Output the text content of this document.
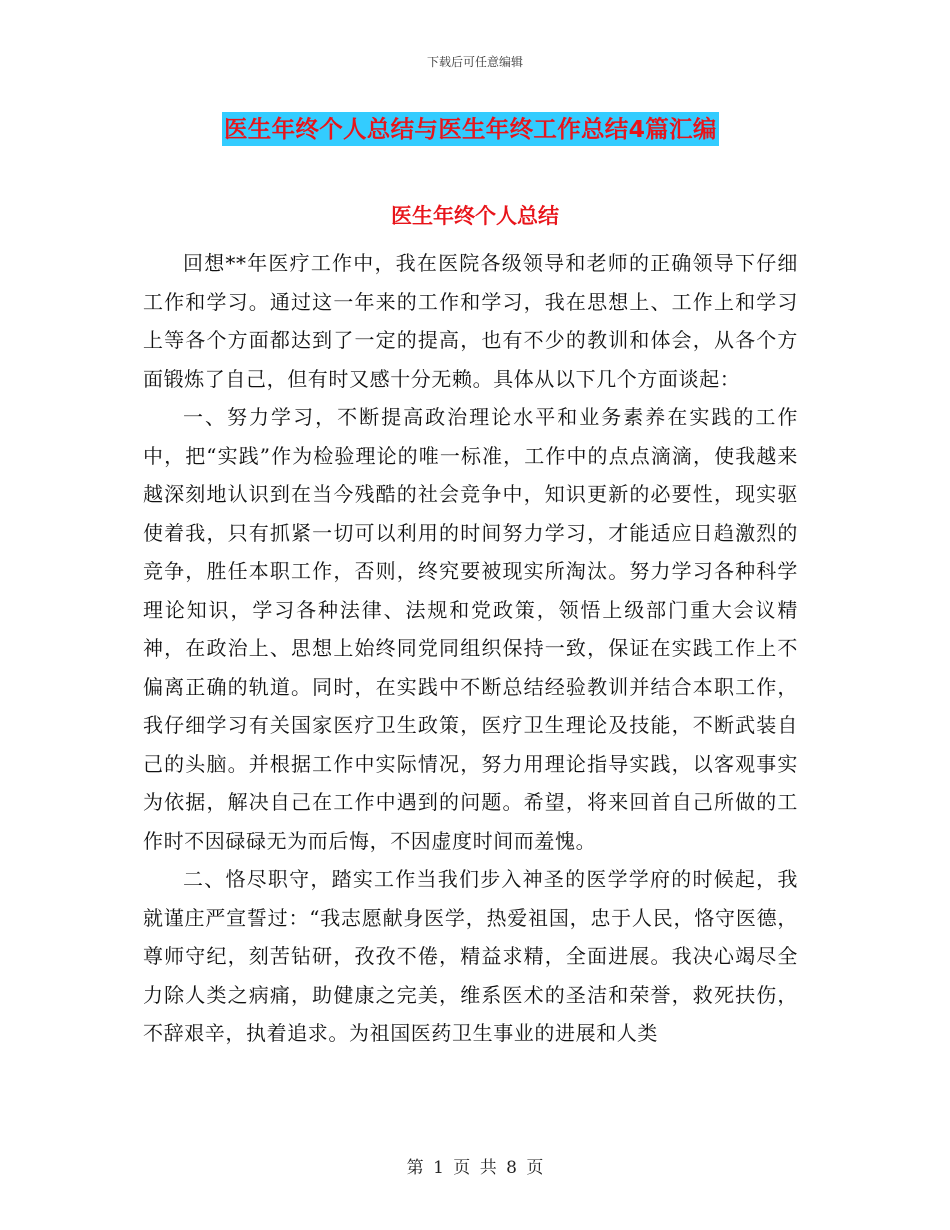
下载后可任意编辑
医生年终个人总结与医生年终工作总结4篇汇编
医生年终个人总结

回想**年医疗工作中，我在医院各级领导和老师的正确领导下仔细工作和学习。通过这一年来的工作和学习，我在思想上、工作上和学习上等各个方面都达到了一定的提高，也有不少的教训和体会，从各个方面锻炼了自己，但有时又感十分无赖。具体从以下几个方面谈起：

一、努力学习，不断提高政治理论水平和业务素养在实践的工作中，把“实践”作为检验理论的唯一标准，工作中的点点滴滴，使我越来越深刻地认识到在当今残酷的社会竞争中，知识更新的必要性，现实驱使着我，只有抓紧一切可以利用的时间努力学习，才能适应日趋激烈的竞争，胜任本职工作，否则，终究要被现实所淘汰。努力学习各种科学理论知识，学习各种法律、法规和党政策，领悟上级部门重大会议精神，在政治上、思想上始终同党同组织保持一致，保证在实践工作上不偏离正确的轨道。同时，在实践中不断总结经验教训并结合本职工作，我仔细学习有关国家医疗卫生政策，医疗卫生理论及技能，不断武装自己的头脑。并根据工作中实际情况，努力用理论指导实践，以客观事实为依据，解决自己在工作中遇到的问题。希望，将来回首自己所做的工作时不因碌碌无为而后悔，不因虚度时间而羞愧。

二、恪尽职守，踏实工作当我们步入神圣的医学学府的时候起，我就谨庄严宣誓过：“我志愿献身医学，热爱祖国，忠于人民，恪守医德，尊师守纪，刻苦钻研，孜孜不倦，精益求精，全面进展。我决心竭尽全力除人类之病痛，助健康之完美，维系医术的圣洁和荣誉，救死扶伤，不辞艰辛，执着追求。为祖国医药卫生事业的进展和人类

第 1 页 共 8 页
